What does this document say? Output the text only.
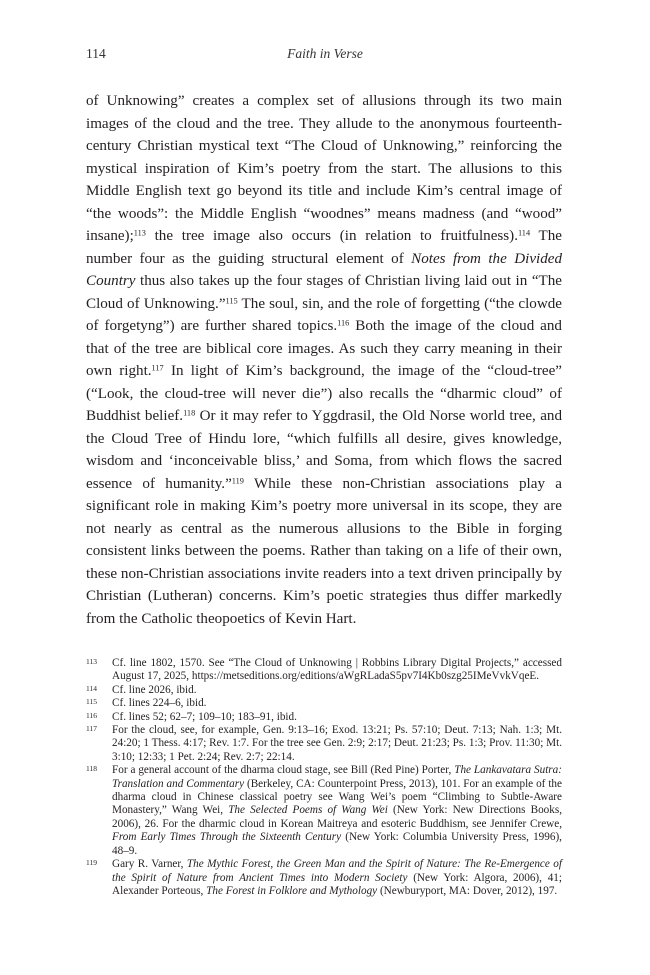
114	Faith in Verse

of Unknowing” creates a complex set of allusions through its two main images of the cloud and the tree. They allude to the anonymous fourteenth-century Christian mystical text “The Cloud of Unknowing,” reinforcing the mystical inspiration of Kim’s poetry from the start. The allusions to this Middle English text go beyond its title and include Kim’s central image of “the woods”: the Middle English “woodnes” means madness (and “wood” insane);$^{113}$ the tree image also occurs (in relation to fruitfulness).$^{114}$ The number four as the guiding structural element of Notes from the Divided Country thus also takes up the four stages of Christian living laid out in “The Cloud of Unknowing.”$^{115}$ The soul, sin, and the role of forgetting (“the clowde of forgetyng”) are further shared topics.$^{116}$ Both the image of the cloud and that of the tree are biblical core images. As such they carry meaning in their own right.$^{117}$ In light of Kim’s background, the image of the “cloud-tree” (“Look, the cloud-tree will never die”) also recalls the “dharmic cloud” of Buddhist belief.$^{118}$ Or it may refer to Yggdrasil, the Old Norse world tree, and the Cloud Tree of Hindu lore, “which fulfills all desire, gives knowledge, wisdom and ‘inconceivable bliss,’ and Soma, from which flows the sacred essence of humanity.”$^{119}$ While these non-Christian associations play a significant role in making Kim’s poetry more universal in its scope, they are not nearly as central as the numerous allusions to the Bible in forging consistent links between the poems. Rather than taking on a life of their own, these non-Christian associations invite readers into a text driven principally by Christian (Lutheran) concerns. Kim’s poetic strategies thus differ markedly from the Catholic theopoetics of Kevin Hart.

113	Cf. line 1802, 1570. See “The Cloud of Unknowing | Robbins Library Digital Projects,” accessed August 17, 2025, https://metseditions.org/editions/aWgRLadaS5pv7I4Kb0szg25IMeVvkVqeE.
114	Cf. line 2026, ibid.
115	Cf. lines 224–6, ibid.
116	Cf. lines 52; 62–7; 109–10; 183–91, ibid.
117	For the cloud, see, for example, Gen. 9:13–16; Exod. 13:21; Ps. 57:10; Deut. 7:13; Nah. 1:3; Mt. 24:20; 1 Thess. 4:17; Rev. 1:7. For the tree see Gen. 2:9; 2:17; Deut. 21:23; Ps. 1:3; Prov. 11:30; Mt. 3:10; 12:33; 1 Pet. 2:24; Rev. 2:7; 22:14.
118	For a general account of the dharma cloud stage, see Bill (Red Pine) Porter, The Lankavatara Sutra: Translation and Commentary (Berkeley, CA: Counterpoint Press, 2013), 101. For an example of the dharma cloud in Chinese classical poetry see Wang Wei’s poem “Climbing to Subtle-Aware Monastery,” Wang Wei, The Selected Poems of Wang Wei (New York: New Directions Books, 2006), 26. For the dharmic cloud in Korean Maitreya and esoteric Buddhism, see Jennifer Crewe, From Early Times Through the Sixteenth Century (New York: Columbia University Press, 1996), 48–9.
119	Gary R. Varner, The Mythic Forest, the Green Man and the Spirit of Nature: The Re-Emergence of the Spirit of Nature from Ancient Times into Modern Society (New York: Algora, 2006), 41; Alexander Porteous, The Forest in Folklore and Mythology (Newburyport, MA: Dover, 2012), 197.
